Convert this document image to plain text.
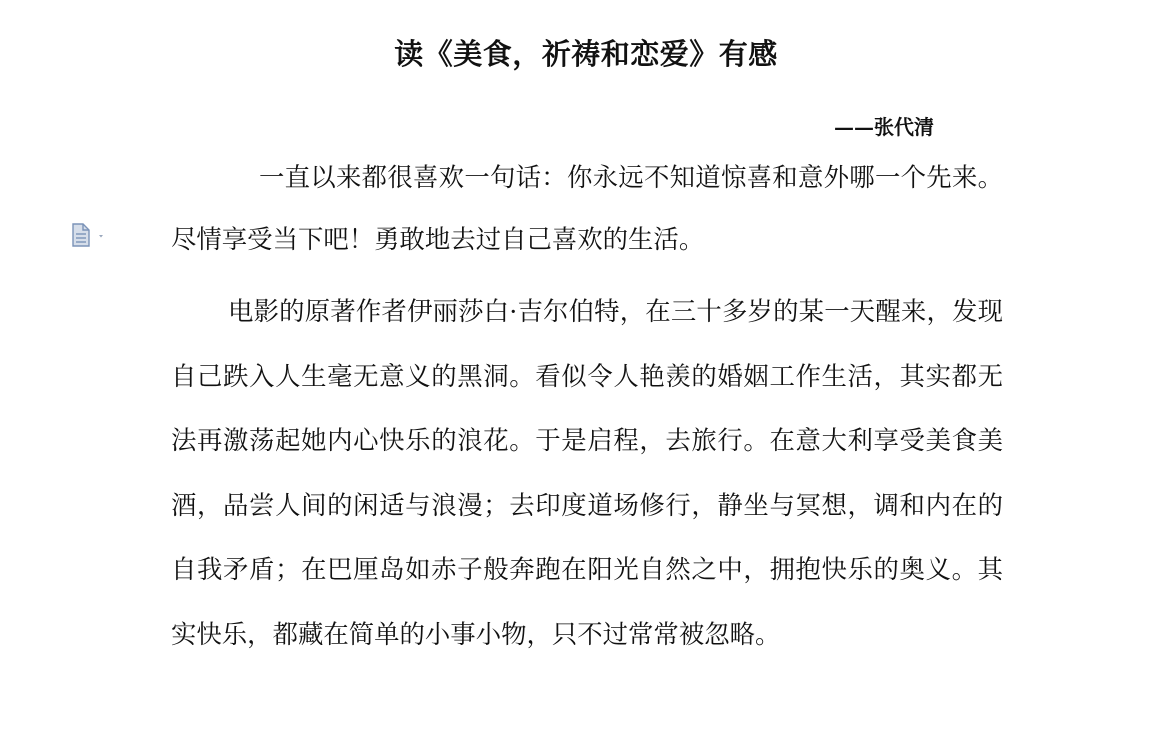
读《美食，祈祷和恋爱》有感
——张代清

一直以来都很喜欢一句话：你永远不知道惊喜和意外哪一个先来。尽情享受当下吧！勇敢地去过自己喜欢的生活。

电影的原著作者伊丽莎白·吉尔伯特，在三十多岁的某一天醒来，发现自己跌入人生毫无意义的黑洞。看似令人艳羡的婚姻工作生活，其实都无法再激荡起她内心快乐的浪花。于是启程，去旅行。在意大利享受美食美酒，品尝人间的闲适与浪漫；去印度道场修行，静坐与冥想，调和内在的自我矛盾；在巴厘岛如赤子般奔跑在阳光自然之中，拥抱快乐的奥义。其实快乐，都藏在简单的小事小物，只不过常常被忽略。
